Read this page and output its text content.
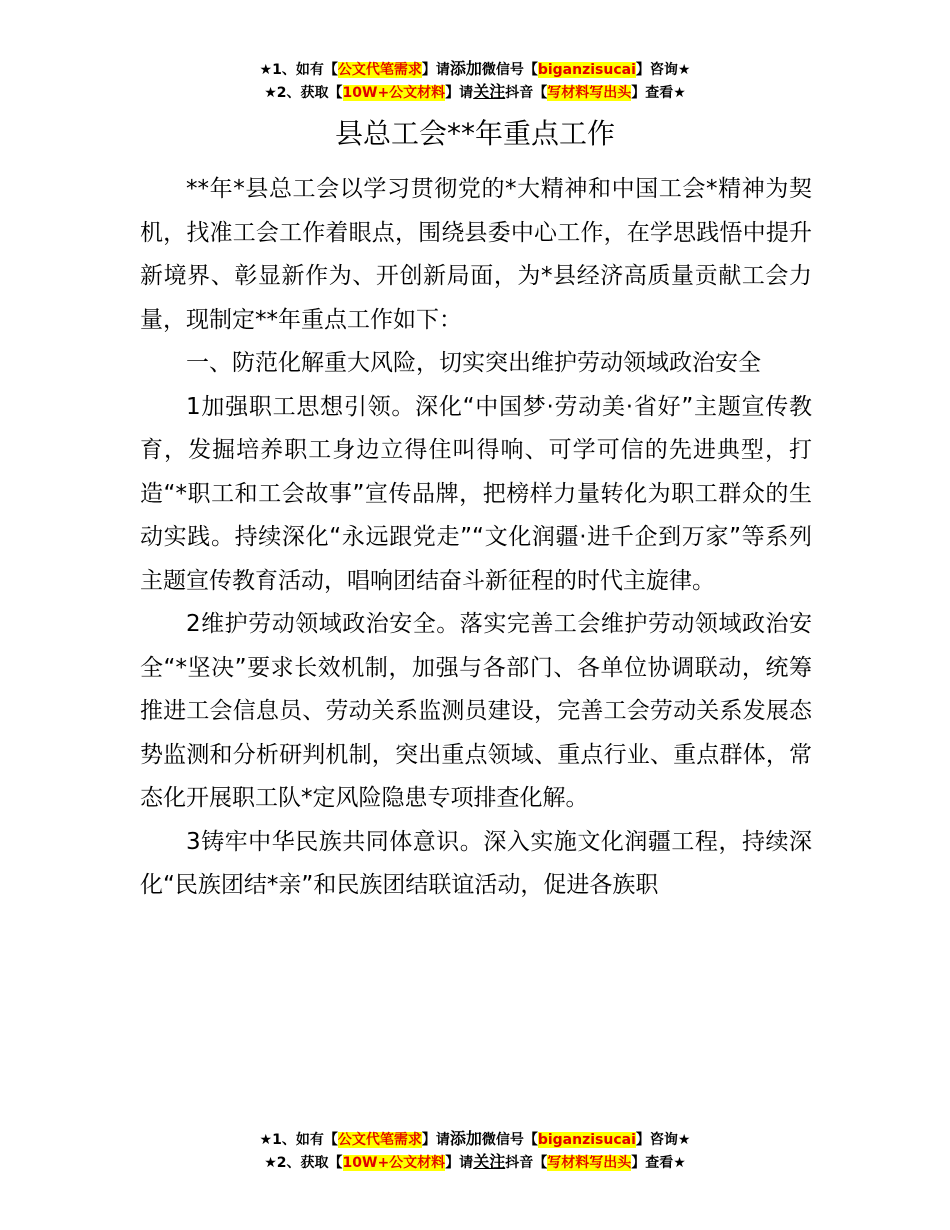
★1、如有【公文代笔需求】请添加微信号【biganzisucai】咨询★
★2、获取【10W+公文材料】请关注抖音【写材料写出头】查看★
县总工会**年重点工作

**年*县总工会以学习贯彻党的*大精神和中国工会*精神为契机，找准工会工作着眼点，围绕县委中心工作，在学思践悟中提升新境界、彰显新作为、开创新局面，为*县经济高质量贡献工会力量，现制定**年重点工作如下：

一、防范化解重大风险，切实突出维护劳动领域政治安全

1加强职工思想引领。深化“中国梦·劳动美·省好”主题宣传教育，发掘培养职工身边立得住叫得响、可学可信的先进典型，打造“*职工和工会故事”宣传品牌，把榜样力量转化为职工群众的生动实践。持续深化“永远跟党走”“文化润疆·进千企到万家”等系列主题宣传教育活动，唱响团结奋斗新征程的时代主旋律。

2维护劳动领域政治安全。落实完善工会维护劳动领域政治安全“*坚决”要求长效机制，加强与各部门、各单位协调联动，统筹推进工会信息员、劳动关系监测员建设，完善工会劳动关系发展态势监测和分析研判机制，突出重点领域、重点行业、重点群体，常态化开展职工队*定风险隐患专项排查化解。

3铸牢中华民族共同体意识。深入实施文化润疆工程，持续深化“民族团结*亲”和民族团结联谊活动，促进各族职

★1、如有【公文代笔需求】请添加微信号【biganzisucai】咨询★
★2、获取【10W+公文材料】请关注抖音【写材料写出头】查看★
